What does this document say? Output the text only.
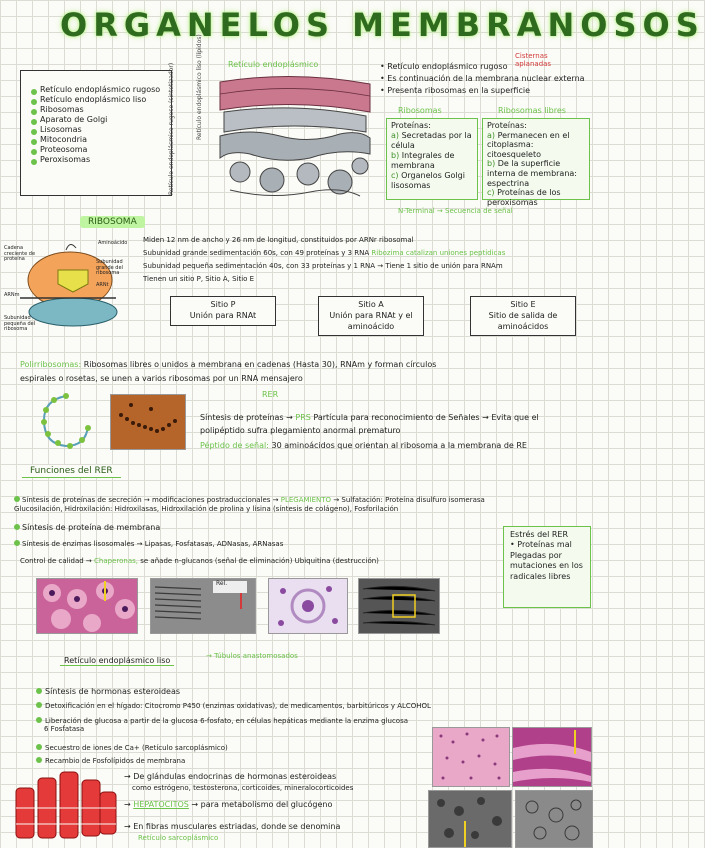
ORGANELOS MEMBRANOSOS
Retículo endoplásmico rugoso
Retículo endoplásmico liso
Ribosomas
Aparato de Golgi
Lisosomas
Mitocondria
Proteosoma
Peroxisomas
Retículo endoplásmico
Retículo endoplásmico rugoso (sintetizador)	Retículo endoplásmico liso (lípidos)	Cisternas aplanadas
• Retículo endoplásmico rugoso
• Es continuación de la membrana nuclear externa
• Presenta ribosomas en la superficie
Ribosomas	Ribosomas libres
Proteínas:
a) Secretadas por la célula
b) Integrales de membrana
c) Organelos Golgi lisosomas
Proteínas:
a) Permanecen en el citoplasma: citoesqueleto
b) De la superficie interna de membrana: espectrina
c) Proteínas de los peroxisomas
N-Terminal → Secuencia de señal
RIBOSOMA
Cadena creciente de proteína
Aminoácido
Subunidad grande del ribosoma
ARNt
ARNm
Subunidad pequeña del ribosoma
Miden 12 nm de ancho y 26 nm de longitud, constituidos por ARNr ribosomal
Subunidad grande sedimentación 60s, con 49 proteínas y 3 RNA Ribozima catalizan uniones peptídicas
Subunidad pequeña sedimentación 40s, con 33 proteínas y 1 RNA → Tiene 1 sitio de unión para RNAm
Tienen un sitio P, Sitio A, Sitio E
Sitio P
Unión para RNAt
Sitio A
Unión para RNAt y el aminoácido
Sitio E
Sitio de salida de aminoácidos
Polirribosomas: Ribosomas libres o unidos a membrana en cadenas (Hasta 30), RNAm y forman círculos
espirales o rosetas, se unen a varios ribosomas por un RNA mensajero
RER
Síntesis de proteínas → PRS Partícula para reconocimiento de Señales → Evita que el
polipéptido sufra plegamiento anormal prematuro
Péptido de señal: 30 aminoácidos que orientan al ribosoma a la membrana de RE
Funciones del RER
Síntesis de proteínas de secreción → modificaciones postraduccionales → PLEGAMIENTO → Sulfatación: Proteína disulfuro isomerasa
Glucosilación, Hidroxilación: Hidroxilasas, Hidroxilación de prolina y lisina (síntesis de colágeno), Fosforilación
Síntesis de proteína de membrana
Síntesis de enzimas lisosomales → Lipasas, Fosfatasas, ADNasas, ARNasas
Control de calidad → Chaperonas, se añade n-glucanos (señal de eliminación) Ubiquitina (destrucción)
Estrés del RER
• Proteínas mal Plegadas por mutaciones en los radicales libres
Rel.
Retículo endoplásmico liso	→ Túbulos anastomosados
Síntesis de hormonas esteroideas
Detoxificación en el hígado: Citocromo P450 (enzimas oxidativas), de medicamentos, barbitúricos y ALCOHOL
Liberación de glucosa a partir de la glucosa 6-fosfato, en células hepáticas mediante la enzima glucosa
6 Fosfatasa
Secuestro de iones de Ca+ (Retículo sarcoplásmico)
Recambio de Fosfolípidos de membrana
→ De glándulas endocrinas de hormonas esteroideas
como estrógeno, testosterona, corticoides, mineralocorticoides
→ HEPATOCITOS → para metabolismo del glucógeno
→ En fibras musculares estriadas, donde se denomina
Retículo sarcoplásmico
